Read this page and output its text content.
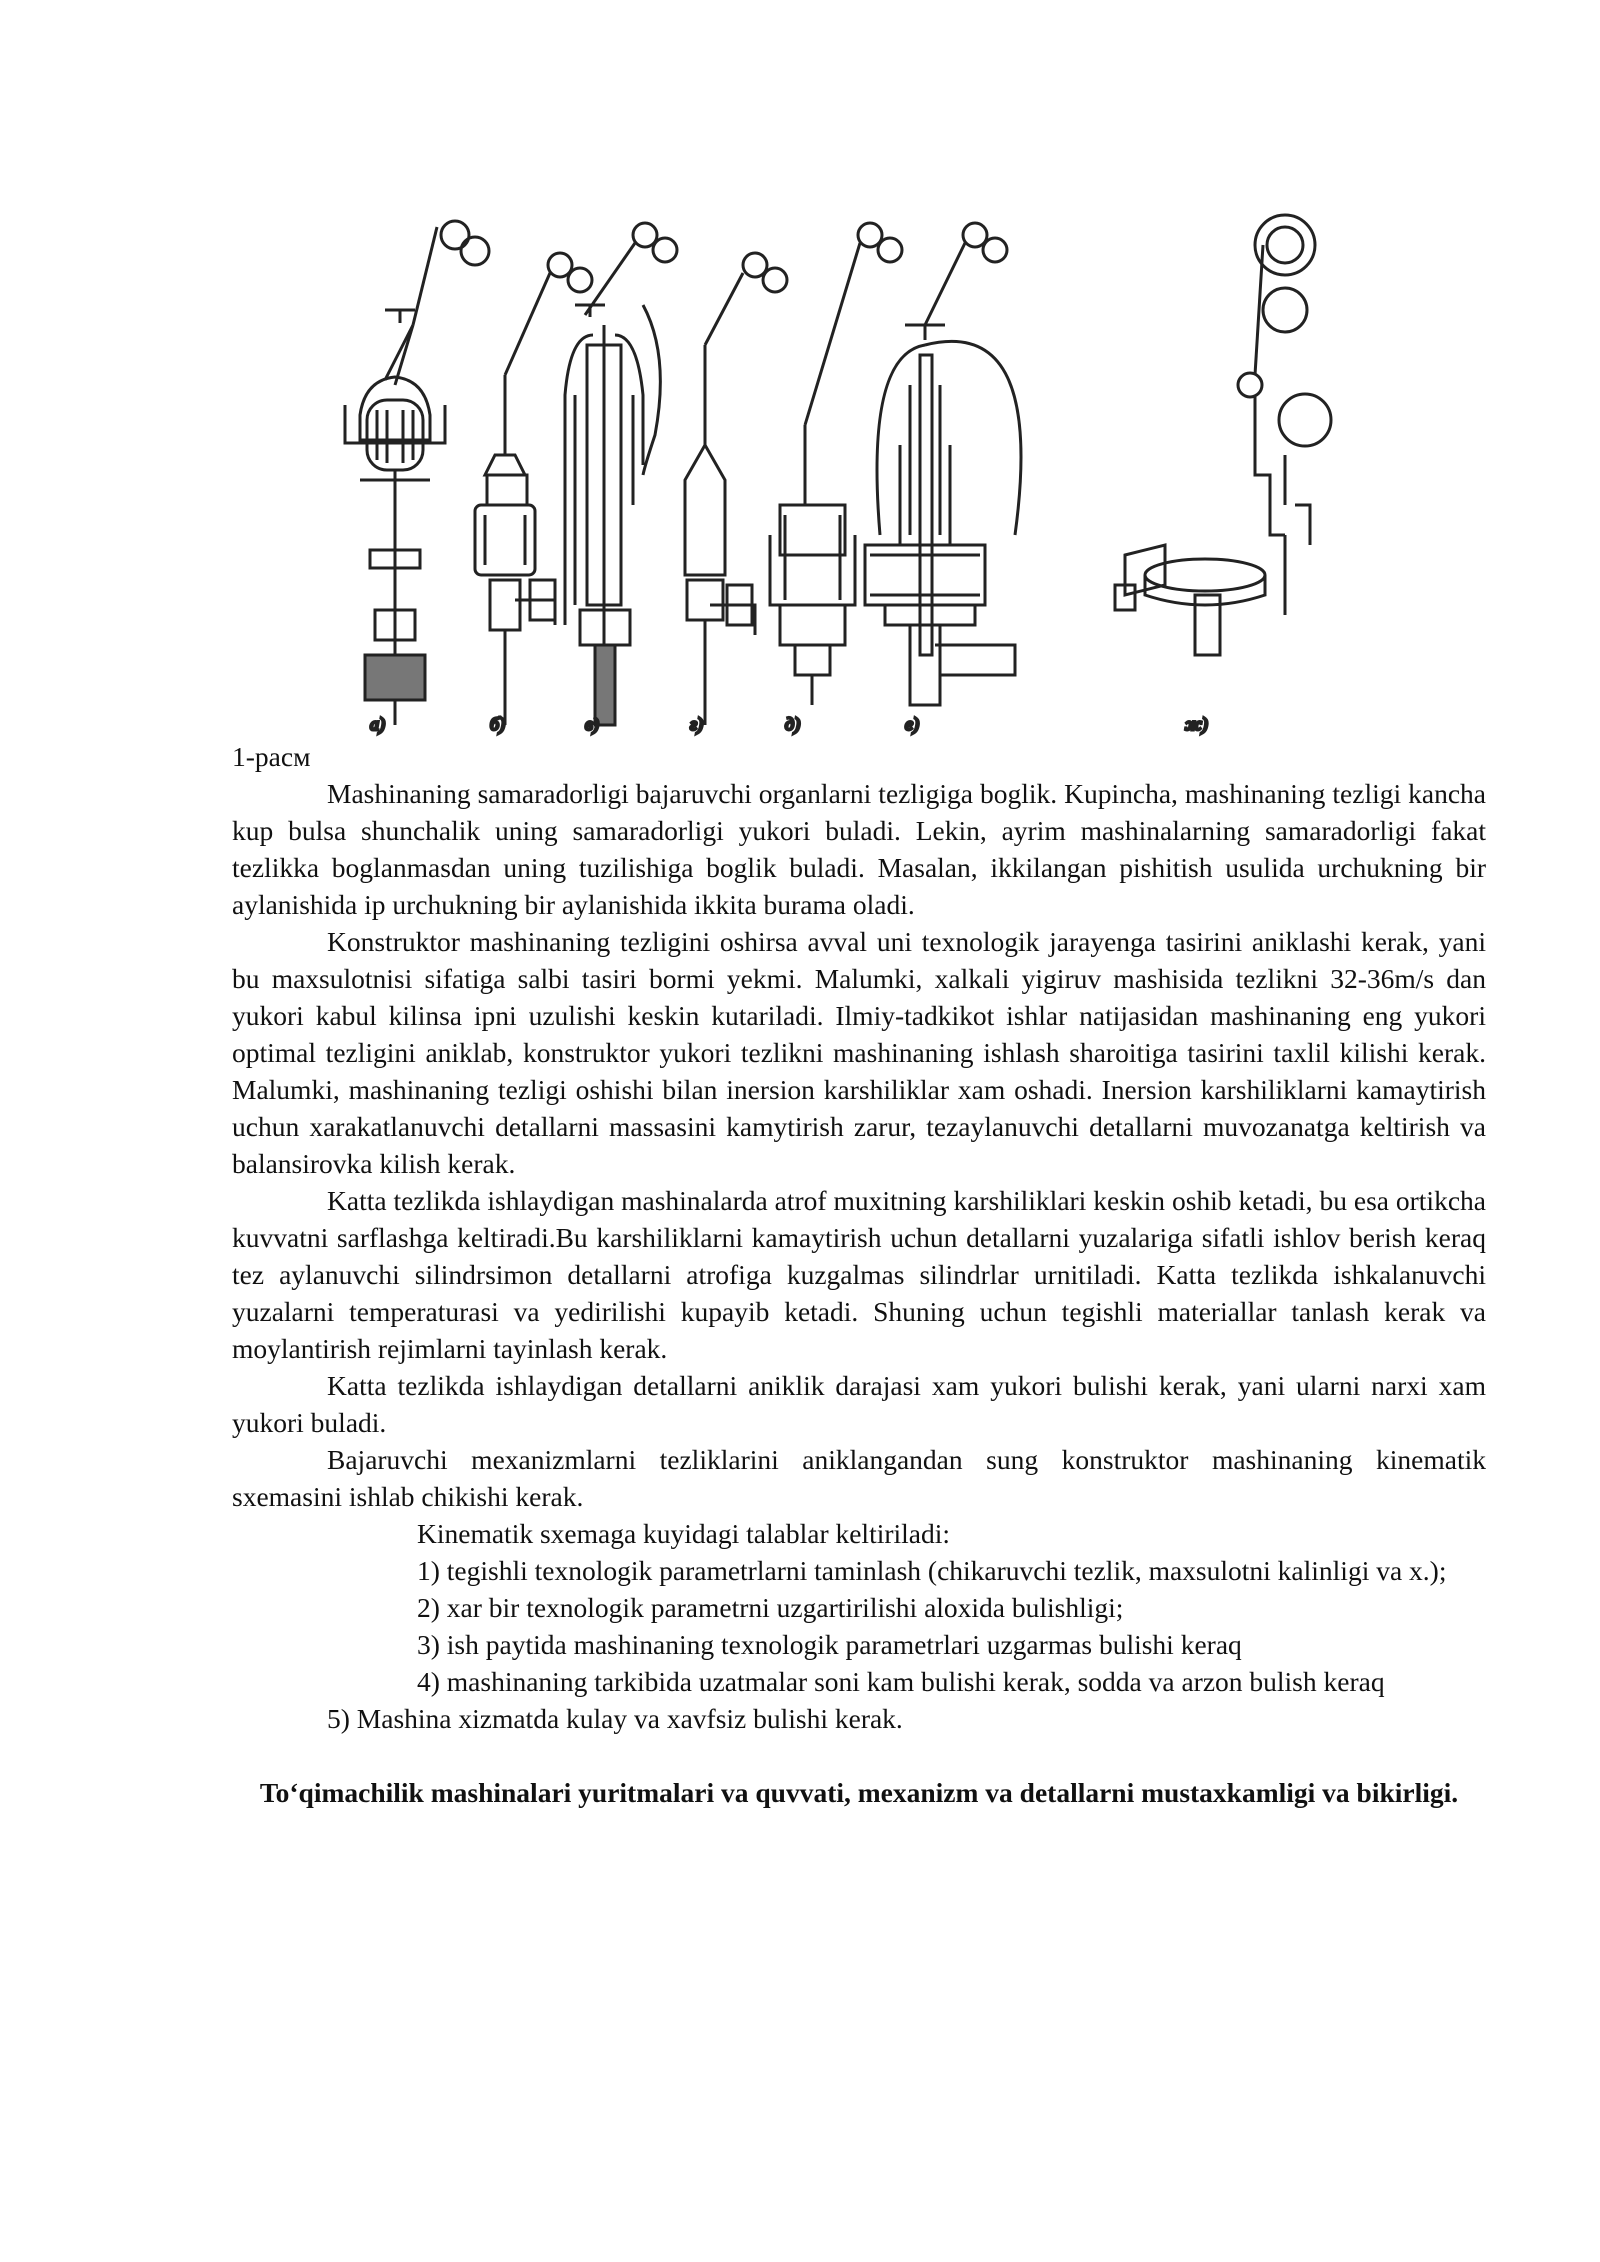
а)	б)	в)	г)	д)	е)	ж)

1-расм

Mashinaning samaradorligi bajaruvchi organlarni tezligiga boglik. Kupincha, mashinaning tezligi kancha kup bulsa shunchalik uning samaradorligi yukori buladi. Lekin, ayrim mashinalarning samaradorligi fakat tezlikka boglanmasdan uning tuzilishiga boglik buladi. Masalan, ikkilangan pishitish usulida urchukning bir aylanishida ip urchukning bir aylanishida ikkita burama oladi.

Konstruktor mashinaning tezligini oshirsa avval uni texnologik jarayenga tasirini aniklashi kerak, yani bu maxsulotnisi sifatiga salbi tasiri bormi yekmi. Malumki, xalkali yigiruv mashisida tezlikni 32-36m/s dan yukori kabul kilinsa ipni uzulishi keskin kutariladi. Ilmiy-tadkikot ishlar natijasidan mashinaning eng yukori optimal tezligini aniklab, konstruktor yukori tezlikni mashinaning ishlash sharoitiga tasirini taxlil kilishi kerak. Malumki, mashinaning tezligi oshishi bilan inersion karshiliklar xam oshadi. Inersion karshiliklarni kamaytirish uchun xarakatlanuvchi detallarni massasini kamytirish zarur, tezaylanuvchi detallarni muvozanatga keltirish va balansirovka kilish kerak.

Katta tezlikda ishlaydigan mashinalarda atrof muxitning karshiliklari keskin oshib ketadi, bu esa ortikcha kuvvatni sarflashga keltiradi.Bu karshiliklarni kamaytirish uchun detallarni yuzalariga sifatli ishlov berish keraq tez aylanuvchi silindrsimon detallarni atrofiga kuzgalmas silindrlar urnitiladi. Katta tezlikda ishkalanuvchi yuzalarni temperaturasi va yedirilishi kupayib ketadi. Shuning uchun tegishli materiallar tanlash kerak va moylantirish rejimlarni tayinlash kerak.

Katta tezlikda ishlaydigan detallarni aniklik darajasi xam yukori bulishi kerak, yani ularni narxi xam yukori buladi.

Bajaruvchi mexanizmlarni tezliklarini aniklangandan sung konstruktor mashinaning kinematik sxemasini ishlab chikishi kerak.

Kinematik sxemaga kuyidagi talablar keltiriladi:

1) tegishli texnologik parametrlarni taminlash (chikaruvchi tezlik, maxsulotni kalinligi va x.);

2) xar bir texnologik parametrni uzgartirilishi aloxida bulishligi;

3) ish paytida mashinaning texnologik parametrlari uzgarmas bulishi keraq

4) mashinaning tarkibida uzatmalar soni kam bulishi kerak, sodda va arzon bulish keraq

5) Mashina xizmatda kulay va xavfsiz bulishi kerak.

To‘qimachilik mashinalari yuritmalari va quvvati, mexanizm va detallarni mustaxkamligi va bikirligi.
